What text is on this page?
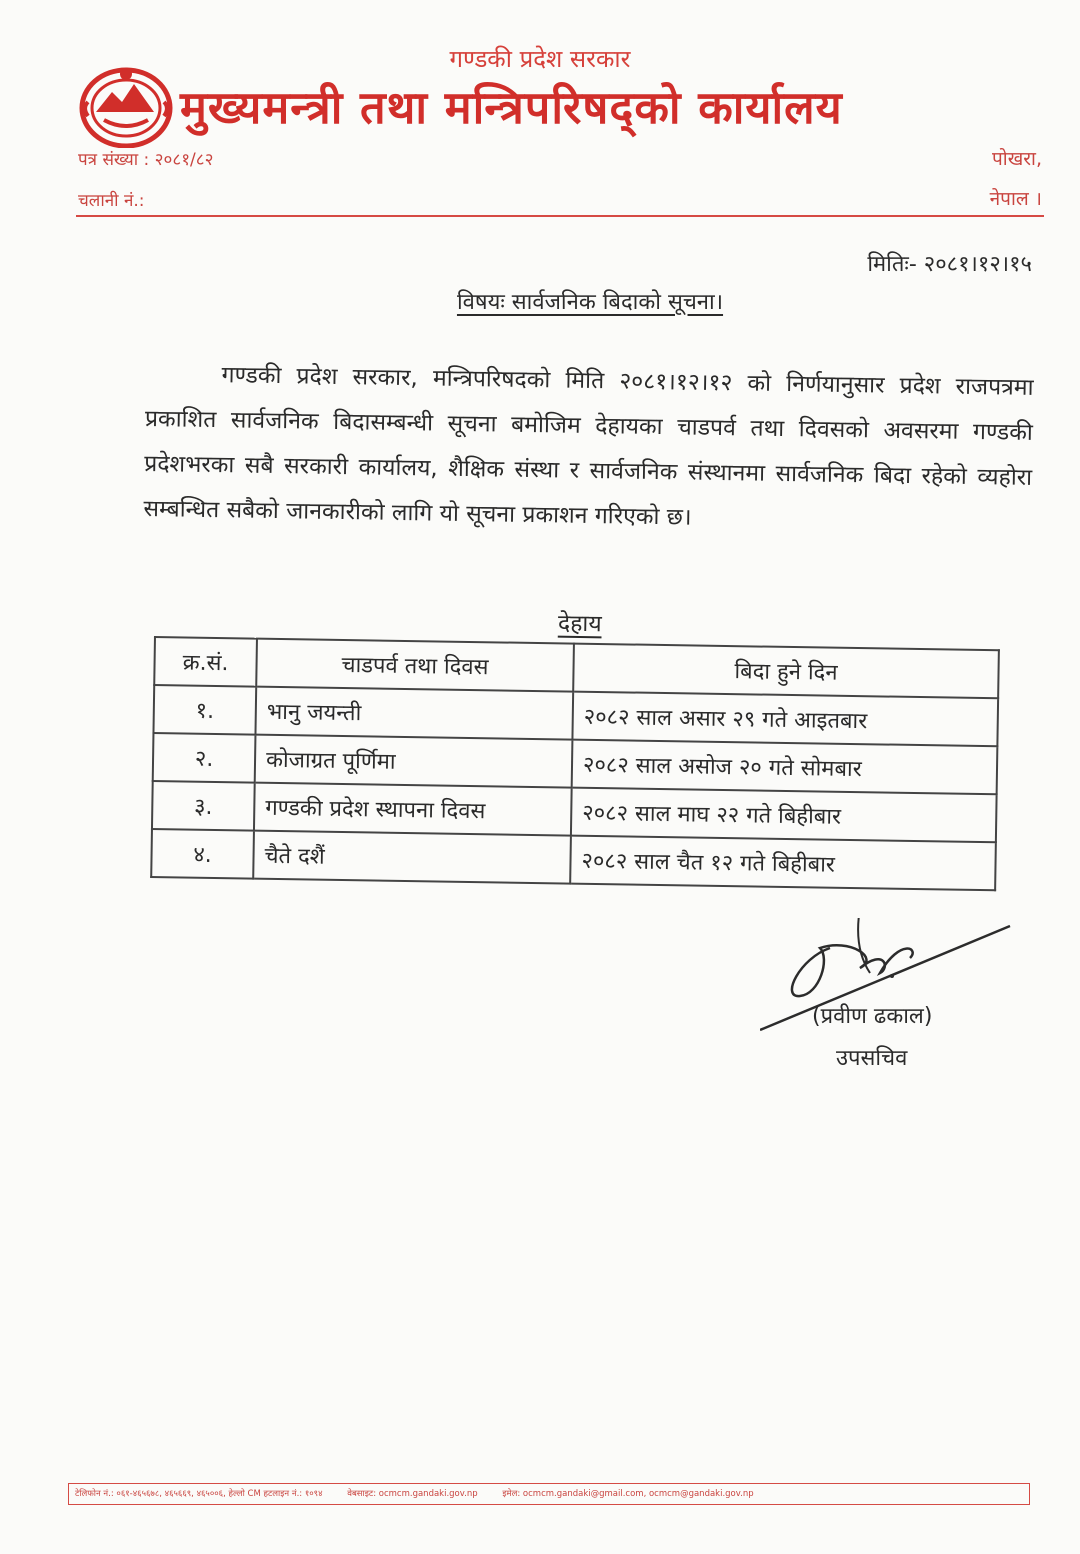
गण्डकी प्रदेश सरकार
मुख्यमन्त्री तथा मन्त्रिपरिषद्को कार्यालय
पत्र संख्या : २०८१/८२
चलानी नं.:
पोखरा,
नेपाल ।
मितिः- २०८१।१२।१५
विषयः सार्वजनिक बिदाको सूचना।

गण्डकी प्रदेश सरकार, मन्त्रिपरिषदको मिति २०८१।१२।१२ को निर्णयानुसार प्रदेश राजपत्रमा प्रकाशित सार्वजनिक बिदासम्बन्धी सूचना बमोजिम देहायका चाडपर्व तथा दिवसको अवसरमा गण्डकी प्रदेशभरका सबै सरकारी कार्यालय, शैक्षिक संस्था र सार्वजनिक संस्थानमा सार्वजनिक बिदा रहेको व्यहोरा सम्बन्धित सबैको जानकारीको लागि यो सूचना प्रकाशन गरिएको छ।

देहाय
क्र.सं.	चाडपर्व तथा दिवस	बिदा हुने दिन
१.	भानु जयन्ती	२०८२ साल असार २९ गते आइतबार
२.	कोजाग्रत पूर्णिमा	२०८२ साल असोज २० गते सोमबार
३.	गण्डकी प्रदेश स्थापना दिवस	२०८२ साल माघ २२ गते बिहीबार
४.	चैते दशैं	२०८२ साल चैत १२ गते बिहीबार
(प्रवीण ढकाल)
उपसचिव
टेलिफोन नं.: ०६१-४६५६७८, ४६५६६९, ४६५००६, हेल्लो CM हटलाइन नं.: १०९४	वेबसाइट: ocmcm.gandaki.gov.np	इमेल: ocmcm.gandaki@gmail.com, ocmcm@gandaki.gov.np
